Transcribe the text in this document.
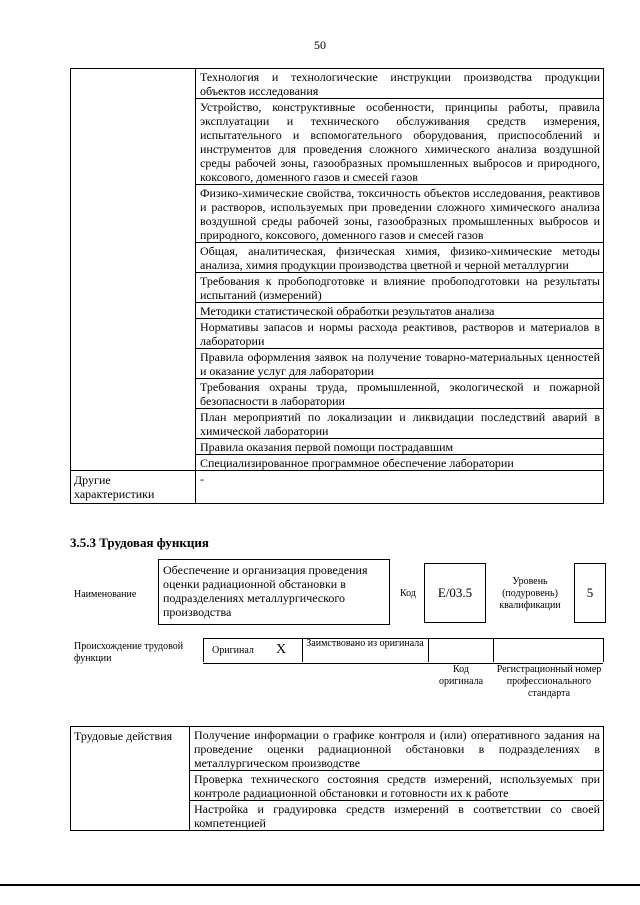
50
	Технология и технологические инструкции производства продукции объектов исследования
	Устройство, конструктивные особенности, принципы работы, правила эксплуатации и технического обслуживания средств измерения, испытательного и вспомогательного оборудования, приспособлений и инструментов для проведения сложного химического анализа воздушной среды рабочей зоны, газообразных промышленных выбросов и природного, коксового, доменного газов и смесей газов
	Физико-химические свойства, токсичность объектов исследования, реактивов и растворов, используемых при проведении сложного химического анализа воздушной среды рабочей зоны, газообразных промышленных выбросов и природного, коксового, доменного газов и смесей газов
	Общая, аналитическая, физическая химия, физико-химические методы анализа, химия продукции производства цветной и черной металлургии
	Требования к пробоподготовке и влияние пробоподготовки на результаты испытаний (измерений)
	Методики статистической обработки результатов анализа
	Нормативы запасов и нормы расхода реактивов, растворов и материалов в лаборатории
	Правила оформления заявок на получение товарно-материальных ценностей и оказание услуг для лаборатории
	Требования охраны труда, промышленной, экологической и пожарной безопасности в лаборатории
	План мероприятий по локализации и ликвидации последствий аварий в химической лаборатории
	Правила оказания первой помощи пострадавшим
	Специализированное программное обеспечение лаборатории
Другие характеристики	-
3.5.3 Трудовая функция
Наименование
Обеспечение и организация проведения оценки радиационной обстановки в подразделениях металлургического производства
Код	E/03.5
Уровень (подуровень) квалификации
5
Происхождение трудовой функции
Оригинал X Заимствовано из оригинала
Код оригинала
Регистрационный номер профессионального стандарта
Трудовые действия	Получение информации о графике контроля и (или) оперативного задания на проведение оценки радиационной обстановки в подразделениях в металлургическом производстве
Проверка технического состояния средств измерений, используемых при контроле радиационной обстановки и готовности их к работе
Настройка и градуировка средств измерений в соответствии со своей компетенцией
